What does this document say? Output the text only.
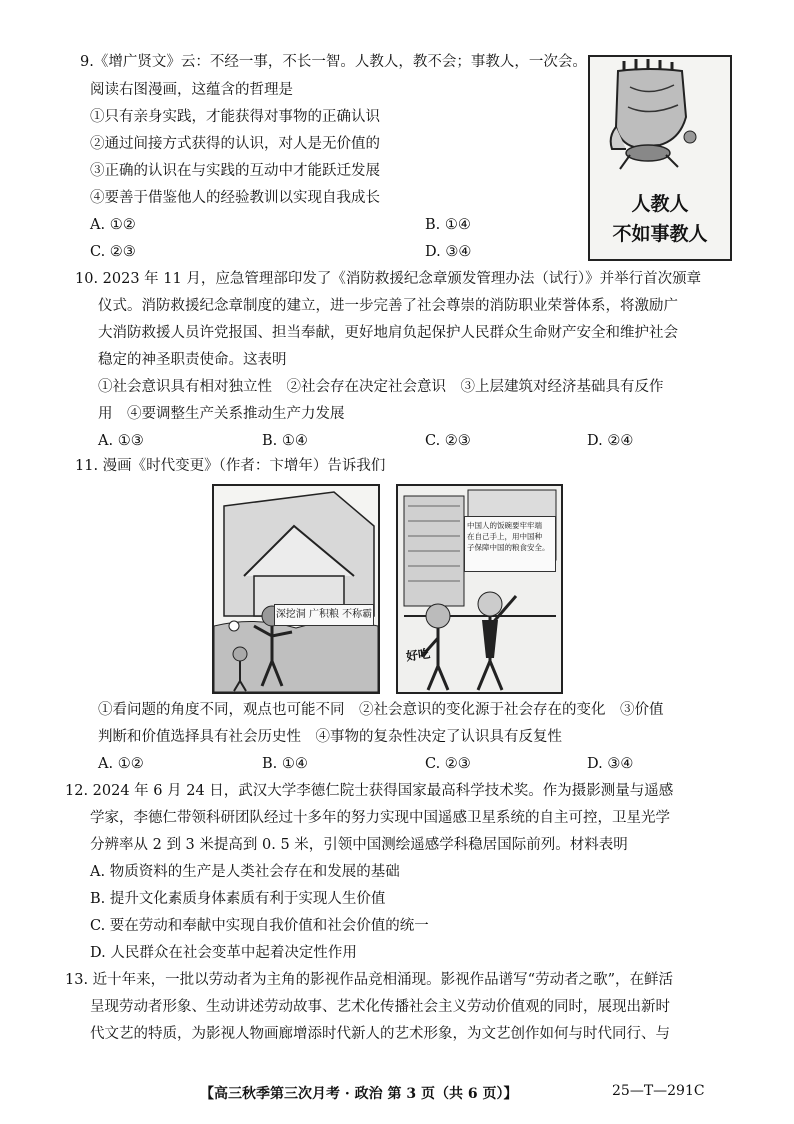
9.《增广贤文》云：不经一事，不长一智。人教人，教不会；事教人，一次会。
阅读右图漫画，这蕴含的哲理是
①只有亲身实践，才能获得对事物的正确认识
②通过间接方式获得的认识，对人是无价值的
③正确的认识在与实践的互动中才能跃迁发展
④要善于借鉴他人的经验教训以实现自我成长
A. ①②	B. ①④
C. ②③	D. ③④
人教人
不如事教人
10. 2023 年 11 月，应急管理部印发了《消防救援纪念章颁发管理办法（试行）》并举行首次颁章
仪式。消防救援纪念章制度的建立，进一步完善了社会尊崇的消防职业荣誉体系，将激励广
大消防救援人员许党报国、担当奉献，更好地肩负起保护人民群众生命财产安全和维护社会
稳定的神圣职责使命。这表明
①社会意识具有相对独立性　②社会存在决定社会意识　③上层建筑对经济基础具有反作
用　④要调整生产关系推动生产力发展
A. ①③	B. ①④	C. ②③	D. ②④
11. 漫画《时代变更》（作者：卞增年）告诉我们
深挖洞 广积粮 不称霸
中国人的饭碗要牢牢端
在自己手上，用中国种
子保障中国的粮食安全。
好吃
①看问题的角度不同，观点也可能不同　②社会意识的变化源于社会存在的变化　③价值
判断和价值选择具有社会历史性　④事物的复杂性决定了认识具有反复性
A. ①②	B. ①④	C. ②③	D. ③④
12. 2024 年 6 月 24 日，武汉大学李德仁院士获得国家最高科学技术奖。作为摄影测量与遥感
学家，李德仁带领科研团队经过十多年的努力实现中国遥感卫星系统的自主可控，卫星光学
分辨率从 2 到 3 米提高到 0. 5 米，引领中国测绘遥感学科稳居国际前列。材料表明
A. 物质资料的生产是人类社会存在和发展的基础
B. 提升文化素质身体素质有利于实现人生价值
C. 要在劳动和奉献中实现自我价值和社会价值的统一
D. 人民群众在社会变革中起着决定性作用
13. 近十年来，一批以劳动者为主角的影视作品竞相涌现。影视作品谱写“劳动者之歌”，在鲜活
呈现劳动者形象、生动讲述劳动故事、艺术化传播社会主义劳动价值观的同时，展现出新时
代文艺的特质，为影视人物画廊增添时代新人的艺术形象，为文艺创作如何与时代同行、与
【高三秋季第三次月考 · 政治 第 3 页（共 6 页）】	25—T—291C
